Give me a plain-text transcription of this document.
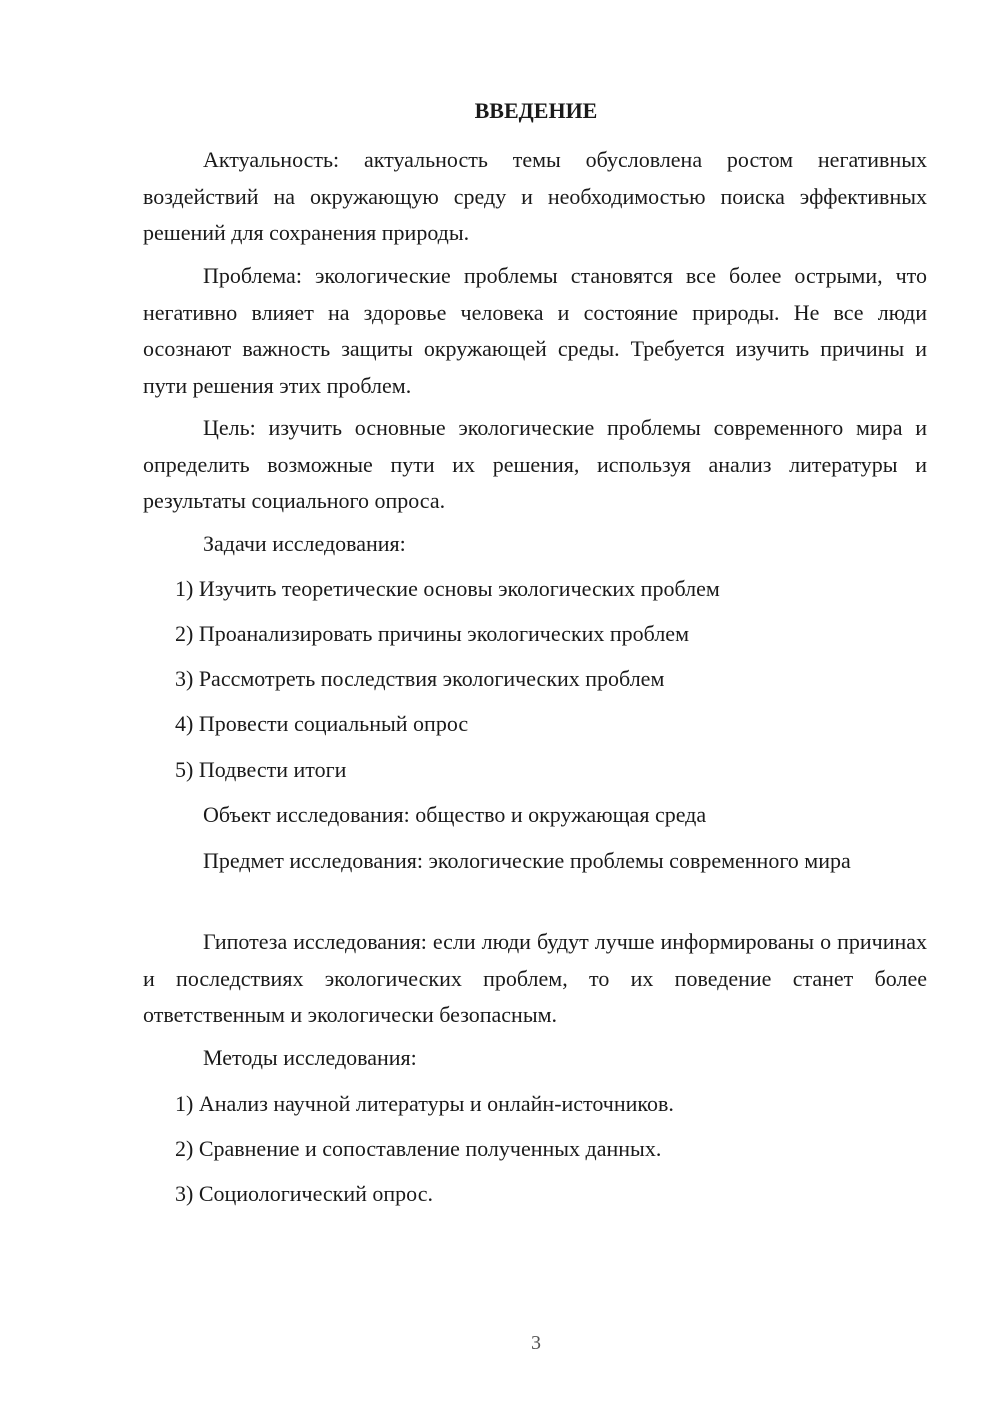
ВВЕДЕНИЕ

Актуальность: актуальность темы обусловлена ростом негативных воздействий на окружающую среду и необходимостью поиска эффективных решений для сохранения природы.

Проблема: экологические проблемы становятся все более острыми, что негативно влияет на здоровье человека и состояние природы. Не все люди осознают важность защиты окружающей среды. Требуется изучить причины и пути решения этих проблем.

Цель: изучить основные экологические проблемы современного мира и определить возможные пути их решения, используя анализ литературы и результаты социального опроса.

Задачи исследования:

1) Изучить теоретические основы экологических проблем

2) Проанализировать причины экологических проблем

3) Рассмотреть последствия экологических проблем

4) Провести социальный опрос

5) Подвести итоги

Объект исследования: общество и окружающая среда

Предмет исследования: экологические проблемы современного мира

Гипотеза исследования: если люди будут лучше информированы о причинах и последствиях экологических проблем, то их поведение станет более ответственным и экологически безопасным.

Методы исследования:

1) Анализ научной литературы и онлайн-источников.

2) Сравнение и сопоставление полученных данных.

3) Социологический опрос.

3
